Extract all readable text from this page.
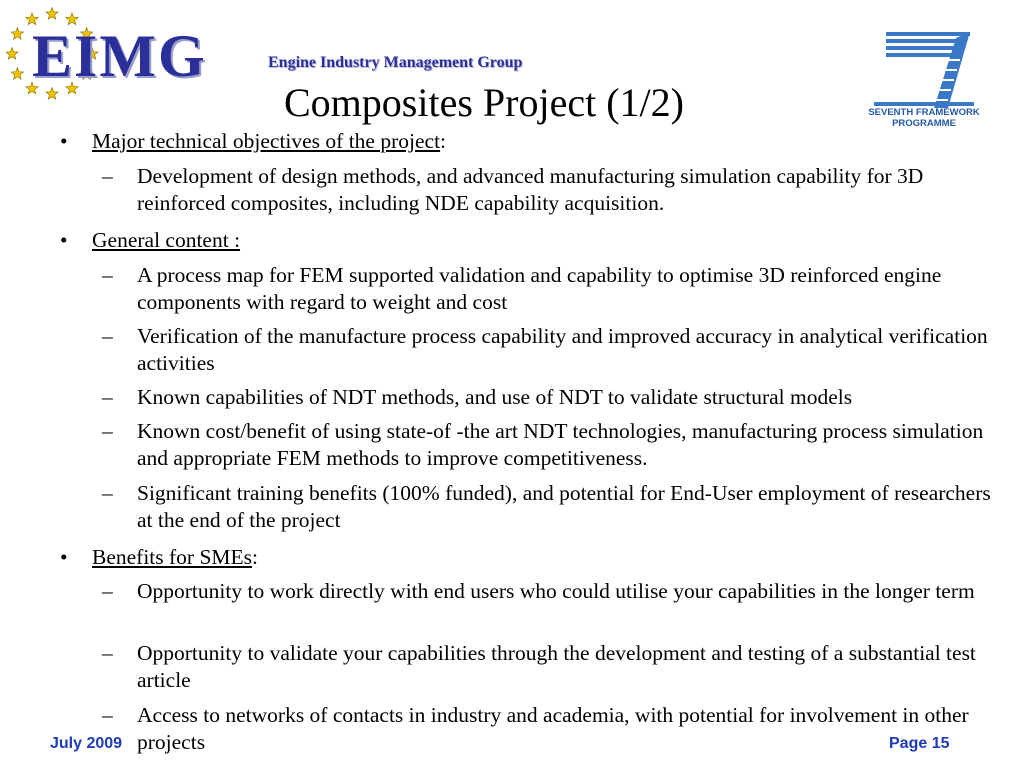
EIMG	Engine Industry Management Group
Composites Project (1/2)	SEVENTH FRAMEWORK
PROGRAMME
• Major technical objectives of the project:
– Development of design methods, and advanced manufacturing simulation capability for 3D reinforced composites, including NDE capability acquisition.
• General content :
– A process map for FEM supported validation and capability to optimise 3D reinforced engine components with regard to weight and cost
– Verification of the manufacture process capability and improved accuracy in analytical verification activities
– Known capabilities of NDT methods, and use of NDT to validate structural models
– Known cost/benefit of using state-of -the art NDT technologies, manufacturing process simulation and appropriate FEM methods to improve competitiveness.
– Significant training benefits (100% funded), and potential for End-User employment of researchers at the end of the project
• Benefits for SMEs:
– Opportunity to work directly with end users who could utilise your capabilities in the longer term
– Opportunity to validate your capabilities through the development and testing of a substantial test article
– Access to networks of contacts in industry and academia, with potential for involvement in other projects
July 2009	Page 15
